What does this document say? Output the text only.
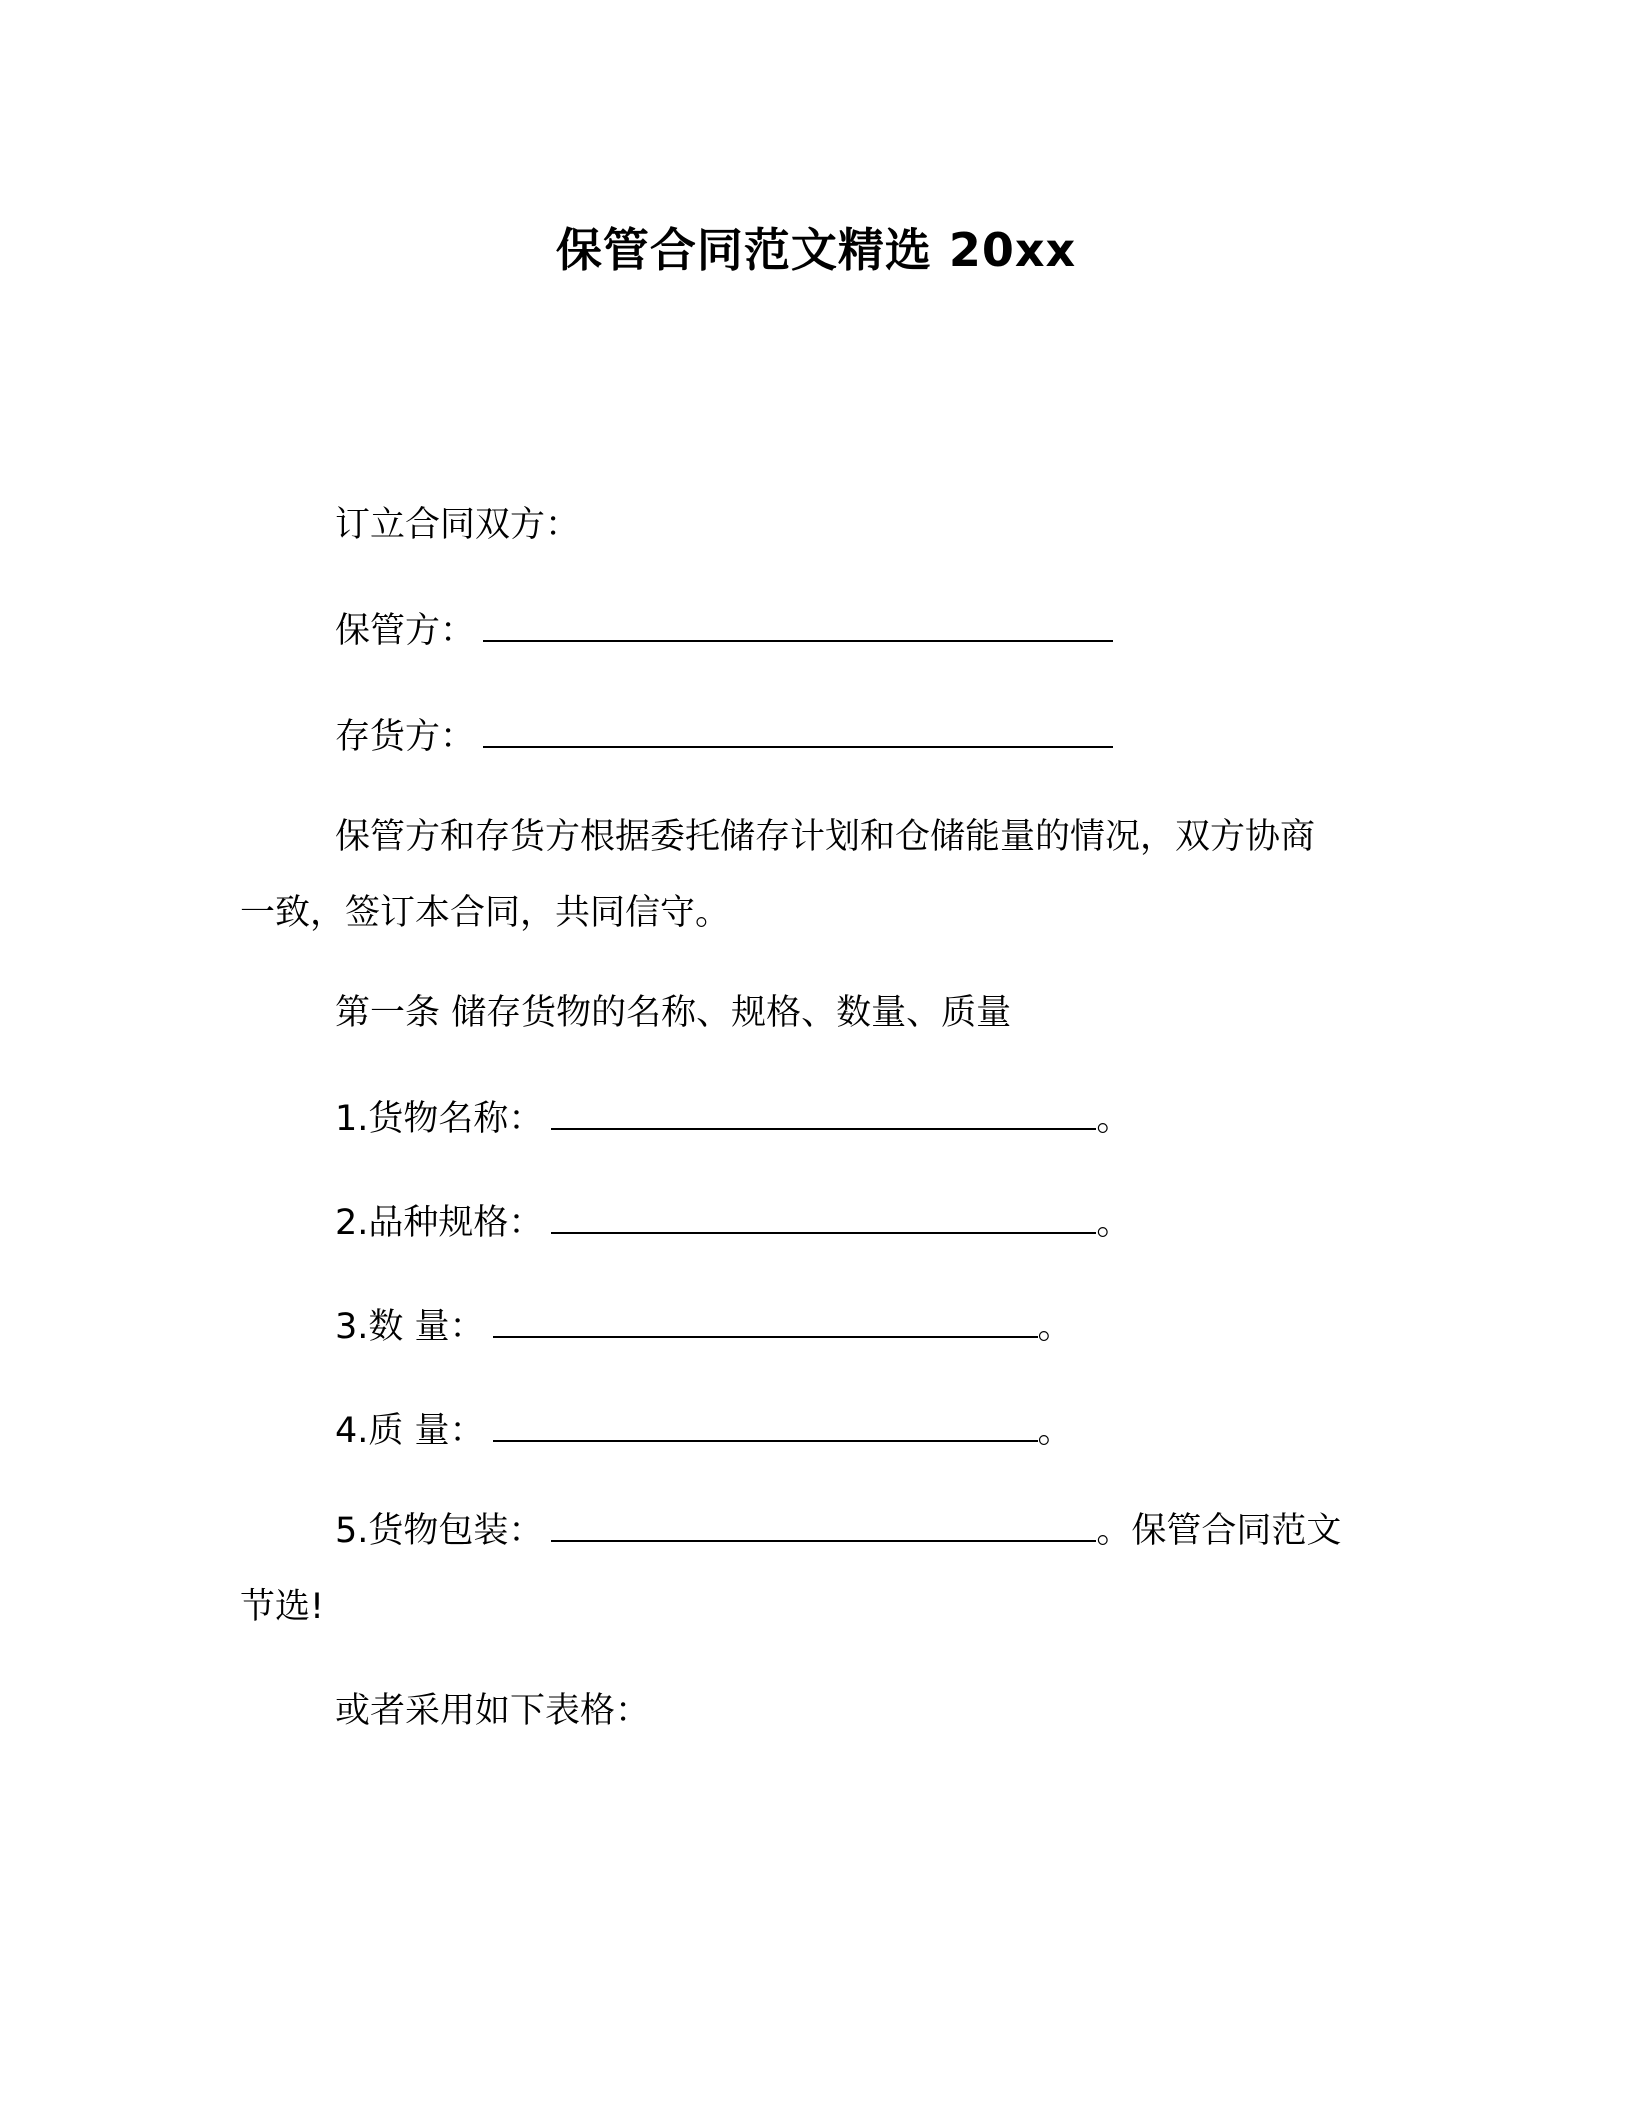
保管合同范文精选 20xx
订立合同双方：
保管方：
存货方：
保管方和存货方根据委托储存计划和仓储能量的情况，双方协商
一致，签订本合同，共同信守。
第一条 储存货物的名称、规格、数量、质量
1.货物名称：	。
2.品种规格：	。
3.数 量：	。
4.质 量：	。
5.货物包装：	。保管合同范文
节选!
或者采用如下表格：
